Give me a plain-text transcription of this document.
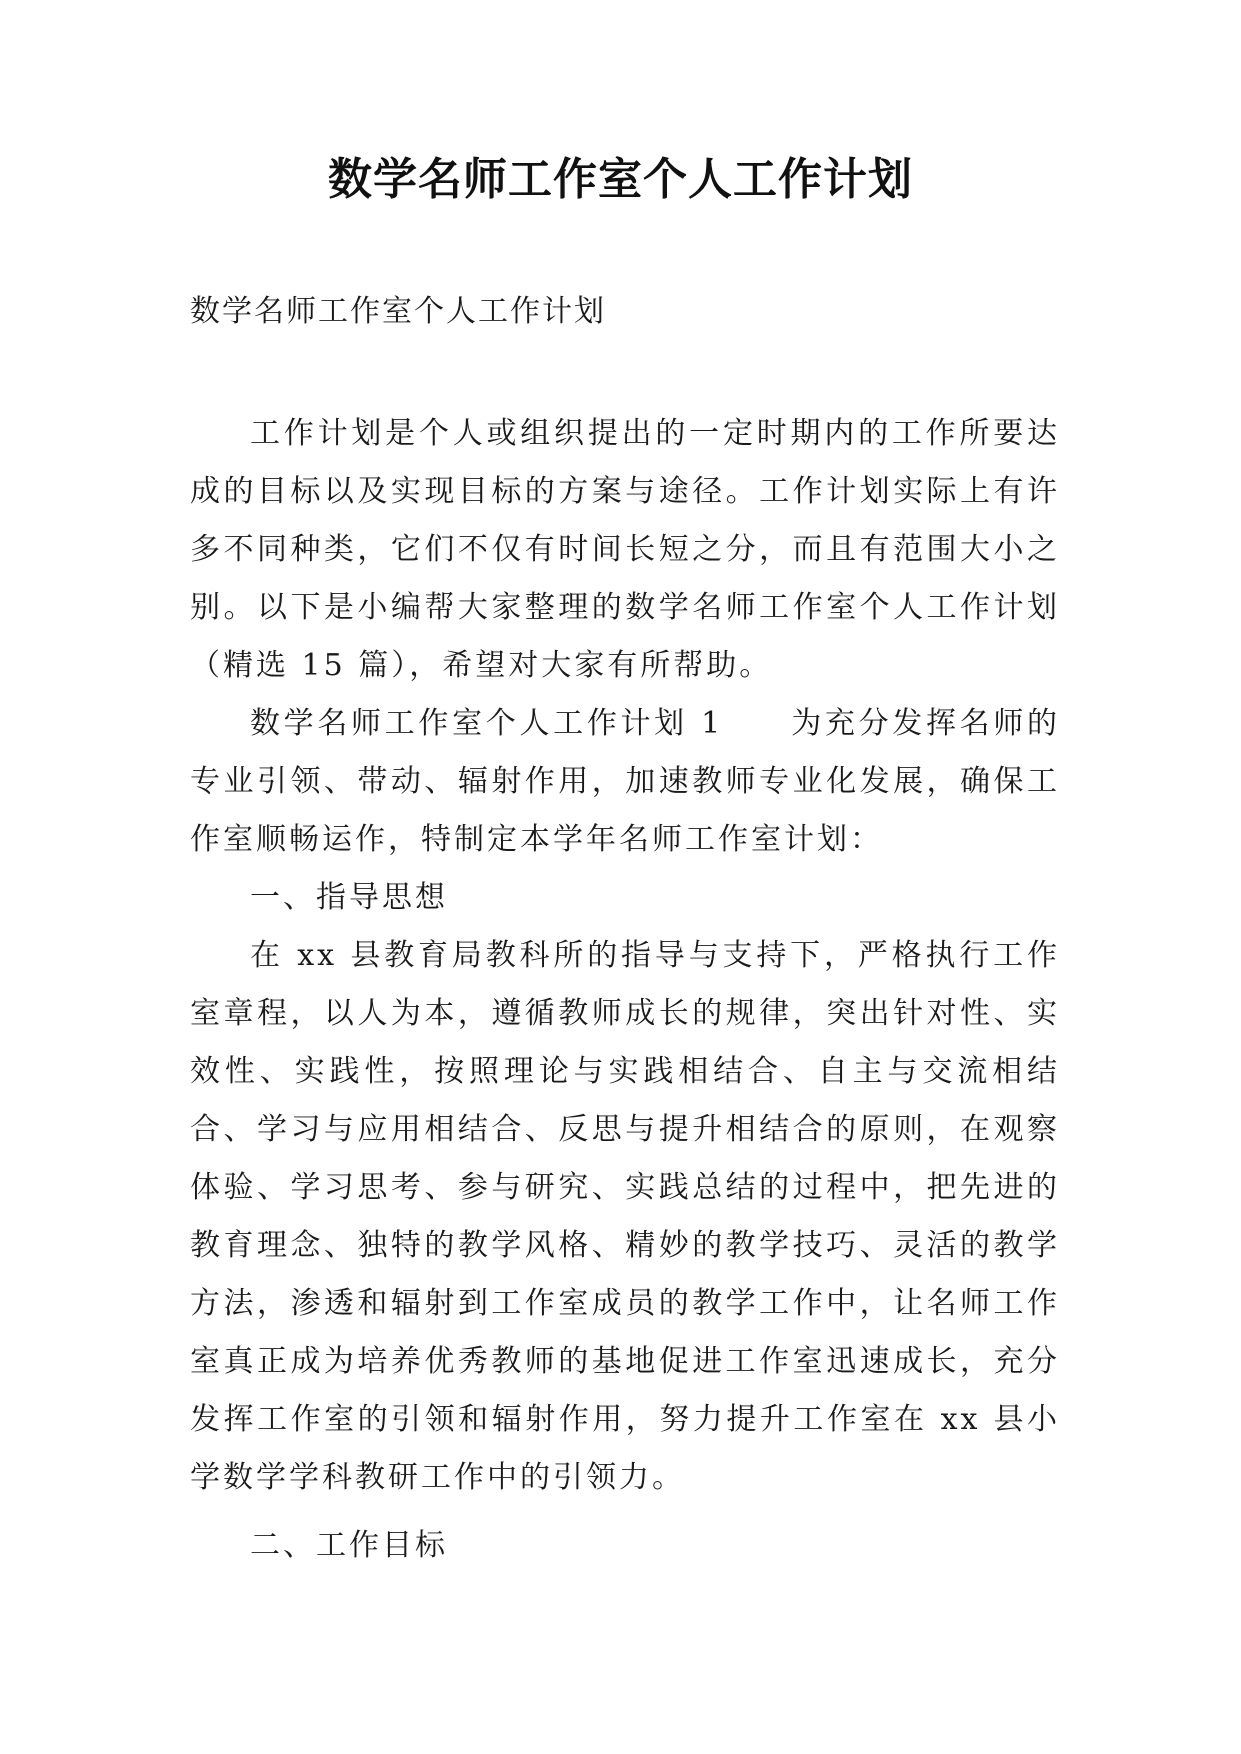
数学名师工作室个人工作计划
数学名师工作室个人工作计划

工作计划是个人或组织提出的一定时期内的工作所要达成的目标以及实现目标的方案与途径。工作计划实际上有许多不同种类，它们不仅有时间长短之分，而且有范围大小之别。以下是小编帮大家整理的数学名师工作室个人工作计划（精选 15 篇），希望对大家有所帮助。

数学名师工作室个人工作计划 1　　为充分发挥名师的专业引领、带动、辐射作用，加速教师专业化发展，确保工作室顺畅运作，特制定本学年名师工作室计划：

一、指导思想

在 xx 县教育局教科所的指导与支持下，严格执行工作室章程，以人为本，遵循教师成长的规律，突出针对性、实效性、实践性，按照理论与实践相结合、自主与交流相结合、学习与应用相结合、反思与提升相结合的原则，在观察体验、学习思考、参与研究、实践总结的过程中，把先进的教育理念、独特的教学风格、精妙的教学技巧、灵活的教学方法，渗透和辐射到工作室成员的教学工作中，让名师工作室真正成为培养优秀教师的基地促进工作室迅速成长，充分发挥工作室的引领和辐射作用，努力提升工作室在 xx 县小学数学学科教研工作中的引领力。

二、工作目标
